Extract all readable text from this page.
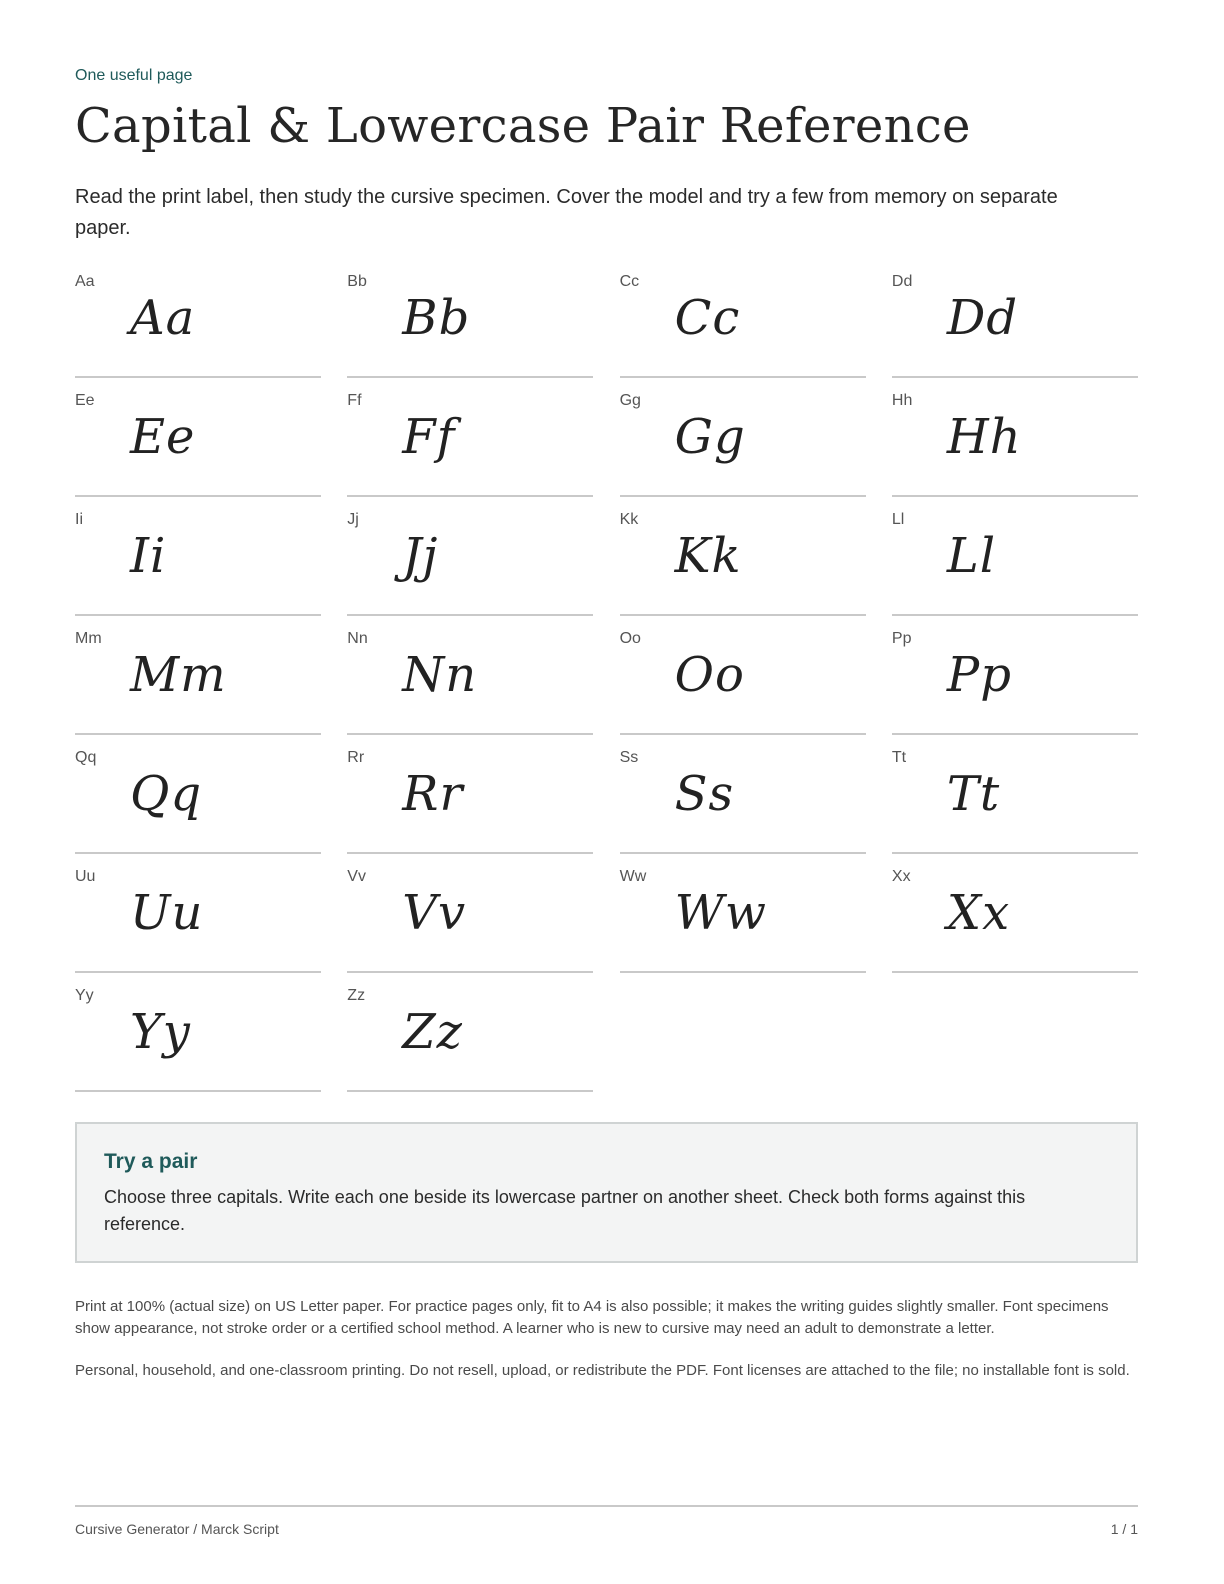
One useful page
Capital & Lowercase Pair Reference

Read the print label, then study the cursive specimen. Cover the model and try a few from memory on separate paper.

Aa
Aa
Bb
Bb
Cc
Cc
Dd
Dd
Ee
Ee
Ff
Ff
Gg
Gg
Hh
Hh
Ii
Ii
Jj
Jj
Kk
Kk
Ll
Ll
Mm
Mm
Nn
Nn
Oo
Oo
Pp
Pp
Qq
Qq
Rr
Rr
Ss
Ss
Tt
Tt
Uu
Uu
Vv
Vv
Ww
Ww
Xx
Xx
Yy
Yy
Zz
Zz
Try a pair

Choose three capitals. Write each one beside its lowercase partner on another sheet. Check both forms against this reference.

Print at 100% (actual size) on US Letter paper. For practice pages only, fit to A4 is also possible; it makes the writing guides slightly smaller. Font specimens show appearance, not stroke order or a certified school method. A learner who is new to cursive may need an adult to demonstrate a letter.

Personal, household, and one-classroom printing. Do not resell, upload, or redistribute the PDF. Font licenses are attached to the file; no installable font is sold.

Cursive Generator / Marck Script	1 / 1
